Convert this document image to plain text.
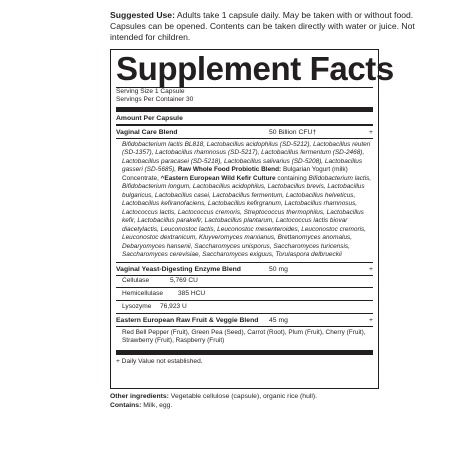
Suggested Use: Adults take 1 capsule daily. May be taken with or without food. Capsules can be opened. Contents can be taken directly with water or juice. Not intended for children.
Supplement Facts
Serving Size 1 Capsule
Servings Per Container 30
Amount Per Capsule
Vaginal Care Blend	50 Billion CFU†	+
Bifidobacterium lactis BL818, Lactobacillus acidophilus (SD-5212), Lactobacillus reuteri (SD-1357), Lactobacillus rhamnosus (SD-5217), Lactobacillus fermentum (SD-2468), Lactobacillus paracasei (SD-5218), Lactobacillus salivarius (SD-5208), Lactobacillus gasseri (SD-5685), Raw Whole Food Probiotic Blend: Bulgarian Yogurt (milk) Concentrate, ^Eastern European Wild Kefir Culture containing Bifidobacterium lactis, Bifidobacterium longum, Lactobacillus acidophilus, Lactobacillus brevis, Lactobacillus bulgaricus, Lactobacillus casei, Lactobacillus fermentum, Lactobacillus helveticus, Lactobacillus kefiranofaciens, Lactobacillus kefirgranum, Lactobacillus rhamnosus, Lactococcus lactis, Lactococcus cremoris, Streptococcus thermophilus, Lactobacillus kefir, Lactobacillus parakefir, Lactobacillus plantarum, Lactococcus lactis biovar diacetylactis, Leuconostoc lactis, Leuconostoc mesenteroides, Leuconostoc cremoris, Leuconostoc dextranicum, Kluyveromyces marxianus, Brettanomyces anomalus, Debaryomyces hansenii, Saccharomyces unisporus, Saccharomyces turicensis, Saccharomyces cerevisiae, Saccharomyces exiguus, Torulaspora delbrueckii
Vaginal Yeast-Digesting Enzyme Blend	50 mg	+
Cellulase	5,769 CU
Hemicellulase 385 HCU
Lysozyme 76,923 U
Eastern European Raw Fruit & Veggie Blend 45 mg	+
Red Bell Pepper (Fruit), Green Pea (Seed), Carrot (Root), Plum (Fruit), Cherry (Fruit), Strawberry (Fruit), Raspberry (Fruit)
+ Daily Value not established.
Other ingredients: Vegetable cellulose (capsule), organic rice (hull).
Contains: Milk, egg.
